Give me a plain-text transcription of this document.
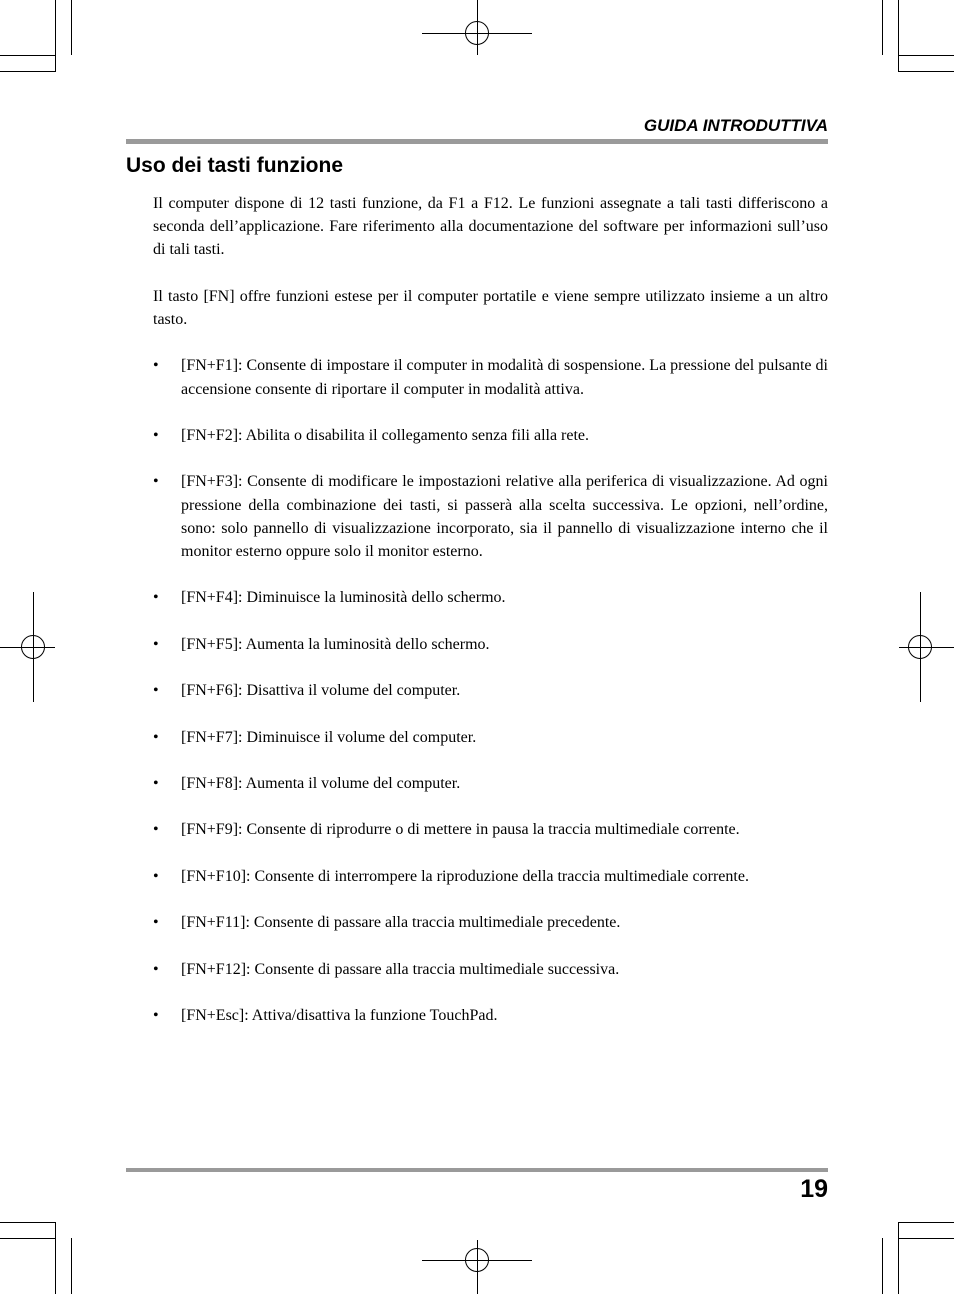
GUIDA INTRODUTTIVA
Uso dei tasti funzione

Il computer dispone di 12 tasti funzione, da F1 a F12. Le funzioni assegnate a tali tasti differiscono a seconda dell’applicazione. Fare riferimento alla documentazione del software per informazioni sull’uso di tali tasti.

Il tasto [FN] offre funzioni estese per il computer portatile e viene sempre utilizzato insieme a un altro tasto.

• [FN+F1]: Consente di impostare il computer in modalità di sospensione. La pressione del pulsante di accensione consente di riportare il computer in modalità attiva.
• [FN+F2]: Abilita o disabilita il collegamento senza fili alla rete.
• [FN+F3]: Consente di modificare le impostazioni relative alla periferica di visualizzazione. Ad ogni pressione della combinazione dei tasti, si passerà alla scelta successiva. Le opzioni, nell’ordine, sono: solo pannello di visualizzazione incorporato, sia il pannello di visualizzazione interno che il monitor esterno oppure solo il monitor esterno.
• [FN+F4]: Diminuisce la luminosità dello schermo.
• [FN+F5]: Aumenta la luminosità dello schermo.
• [FN+F6]: Disattiva il volume del computer.
• [FN+F7]: Diminuisce il volume del computer.
• [FN+F8]: Aumenta il volume del computer.
• [FN+F9]: Consente di riprodurre o di mettere in pausa la traccia multimediale corrente.
• [FN+F10]: Consente di interrompere la riproduzione della traccia multimediale corrente.
• [FN+F11]: Consente di passare alla traccia multimediale precedente.
• [FN+F12]: Consente di passare alla traccia multimediale successiva.
• [FN+Esc]: Attiva/disattiva la funzione TouchPad.
19
